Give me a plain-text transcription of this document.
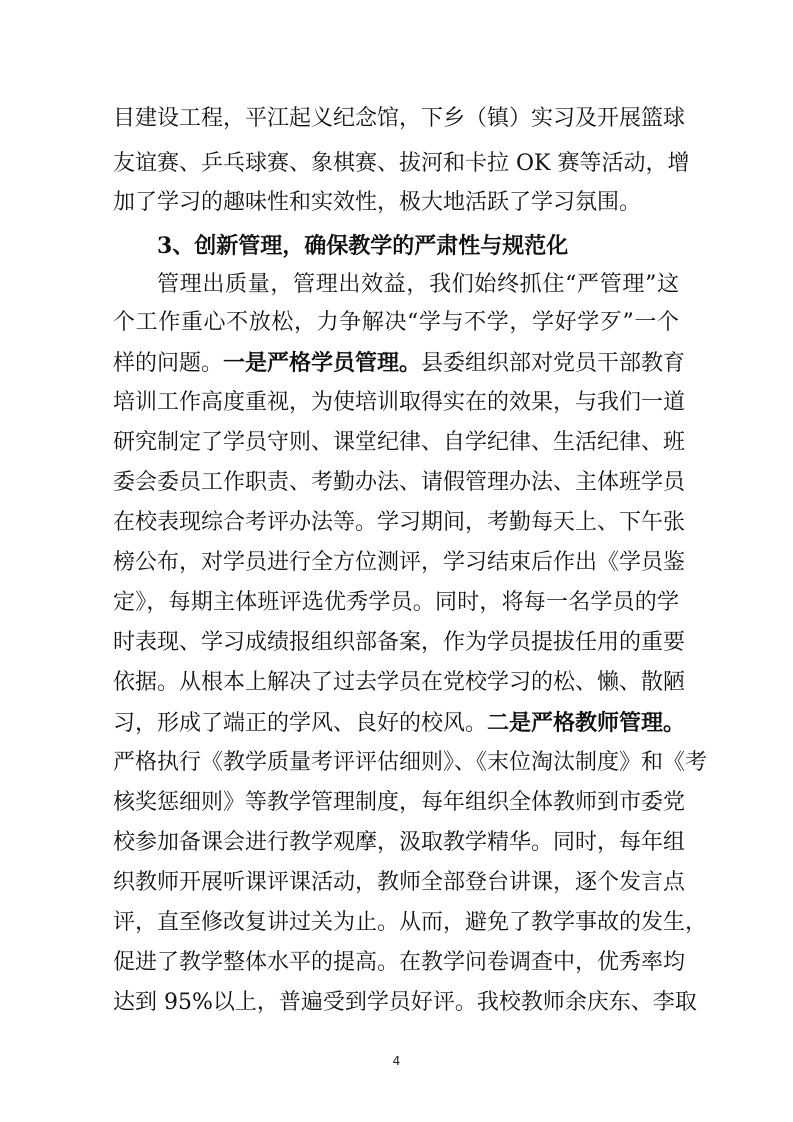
目建设工程，平江起义纪念馆，下乡（镇）实习及开展篮球
友谊赛、乒乓球赛、象棋赛、拔河和卡拉 OK 赛等活动，增
加了学习的趣味性和实效性，极大地活跃了学习氛围。
3、创新管理，确保教学的严肃性与规范化
管理出质量，管理出效益，我们始终抓住“严管理”这
个工作重心不放松，力争解决“学与不学，学好学歹”一个
样的问题。一是严格学员管理。县委组织部对党员干部教育
培训工作高度重视，为使培训取得实在的效果，与我们一道
研究制定了学员守则、课堂纪律、自学纪律、生活纪律、班
委会委员工作职责、考勤办法、请假管理办法、主体班学员
在校表现综合考评办法等。学习期间，考勤每天上、下午张
榜公布，对学员进行全方位测评，学习结束后作出《学员鉴
定》，每期主体班评选优秀学员。同时，将每一名学员的学
时表现、学习成绩报组织部备案，作为学员提拔任用的重要
依据。从根本上解决了过去学员在党校学习的松、懒、散陋
习，形成了端正的学风、良好的校风。二是严格教师管理。
严格执行《教学质量考评评估细则》、《末位淘汰制度》和《考
核奖惩细则》等教学管理制度，每年组织全体教师到市委党
校参加备课会进行教学观摩，汲取教学精华。同时，每年组
织教师开展听课评课活动，教师全部登台讲课，逐个发言点
评，直至修改复讲过关为止。从而，避免了教学事故的发生，
促进了教学整体水平的提高。在教学问卷调查中，优秀率均
达到 95%以上，普遍受到学员好评。我校教师余庆东、李取
4
